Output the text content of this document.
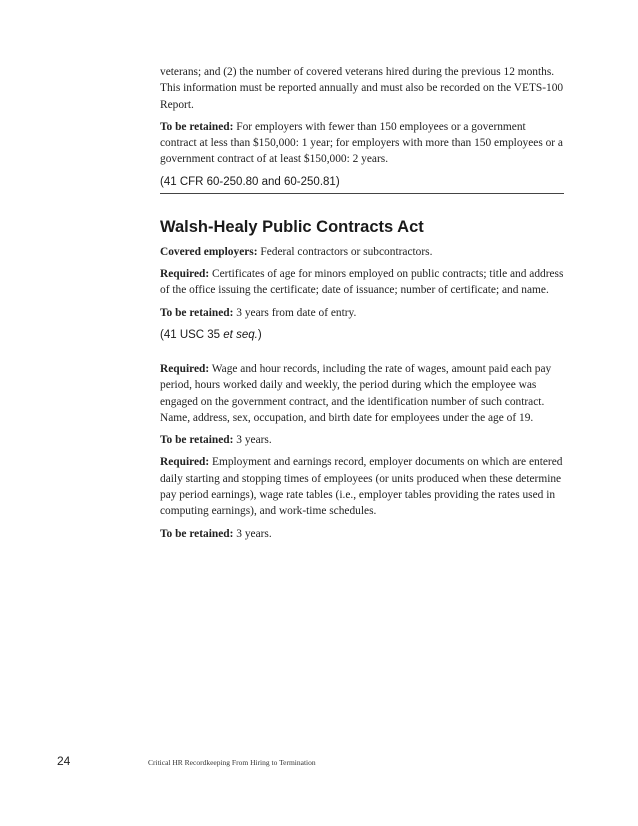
veterans; and (2) the number of covered veterans hired during the previous 12 months. This information must be reported annually and must also be recorded on the VETS-100 Report.

To be retained: For employers with fewer than 150 employees or a government contract at less than $150,000: 1 year; for employers with more than 150 employees or a government contract of at least $150,000: 2 years.

(41 CFR 60-250.80 and 60-250.81)
Walsh-Healy Public Contracts Act

Covered employers: Federal contractors or subcontractors.

Required: Certificates of age for minors employed on public contracts; title and address of the office issuing the certificate; date of issuance; number of certificate; and name.

To be retained: 3 years from date of entry.

(41 USC 35 et seq.)

Required: Wage and hour records, including the rate of wages, amount paid each pay period, hours worked daily and weekly, the period during which the employee was engaged on the government contract, and the identification number of such contract. Name, address, sex, occupation, and birth date for employees under the age of 19.

To be retained: 3 years.

Required: Employment and earnings record, employer documents on which are entered daily starting and stopping times of employees (or units produced when these determine pay period earnings), wage rate tables (i.e., employer tables providing the rates used in computing earnings), and work-time schedules.

To be retained: 3 years.

24	Critical HR Recordkeeping From Hiring to Termination
